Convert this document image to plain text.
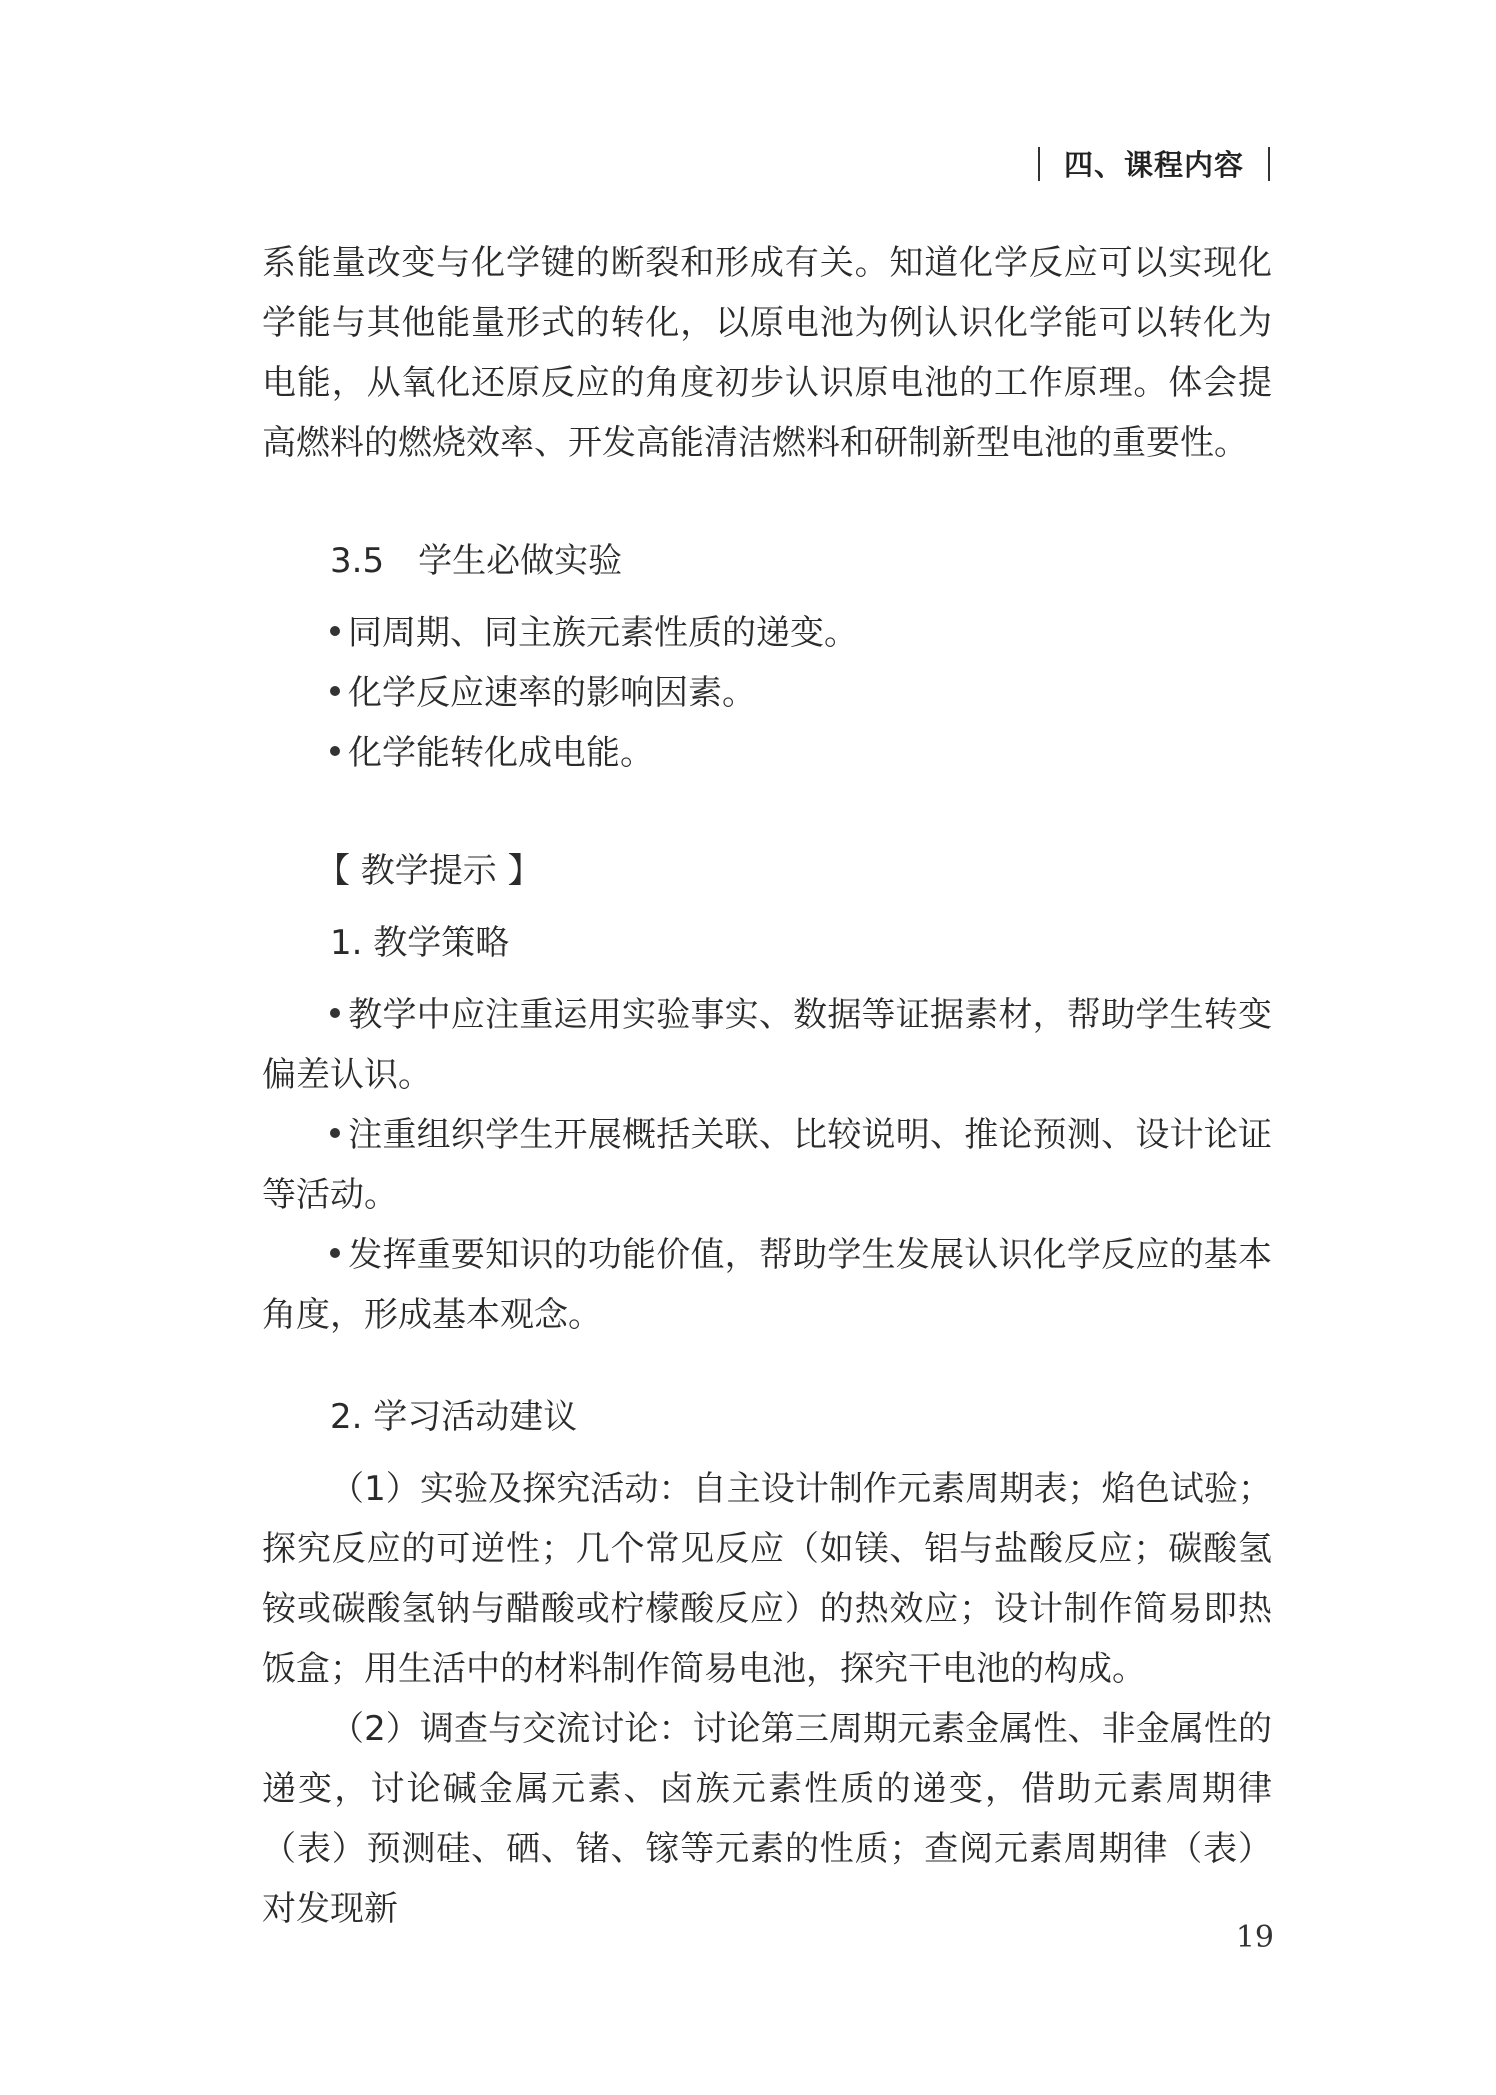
四、课程内容

系能量改变与化学键的断裂和形成有关。知道化学反应可以实现化学能与其他能量形式的转化，以原电池为例认识化学能可以转化为电能，从氧化还原反应的角度初步认识原电池的工作原理。体会提高燃料的燃烧效率、开发高能清洁燃料和研制新型电池的重要性。

3.5　学生必做实验

同周期、同主族元素性质的递变。

化学反应速率的影响因素。

化学能转化成电能。

【 教学提示 】

1. 教学策略

教学中应注重运用实验事实、数据等证据素材，帮助学生转变偏差认识。

注重组织学生开展概括关联、比较说明、推论预测、设计论证等活动。

发挥重要知识的功能价值，帮助学生发展认识化学反应的基本角度，形成基本观念。

2. 学习活动建议

（1）实验及探究活动：自主设计制作元素周期表；焰色试验；探究反应的可逆性；几个常见反应（如镁、铝与盐酸反应；碳酸氢铵或碳酸氢钠与醋酸或柠檬酸反应）的热效应；设计制作简易即热饭盒；用生活中的材料制作简易电池，探究干电池的构成。

（2）调查与交流讨论：讨论第三周期元素金属性、非金属性的递变，讨论碱金属元素、卤族元素性质的递变，借助元素周期律（表）预测硅、硒、锗、镓等元素的性质；查阅元素周期律（表）对发现新

19
